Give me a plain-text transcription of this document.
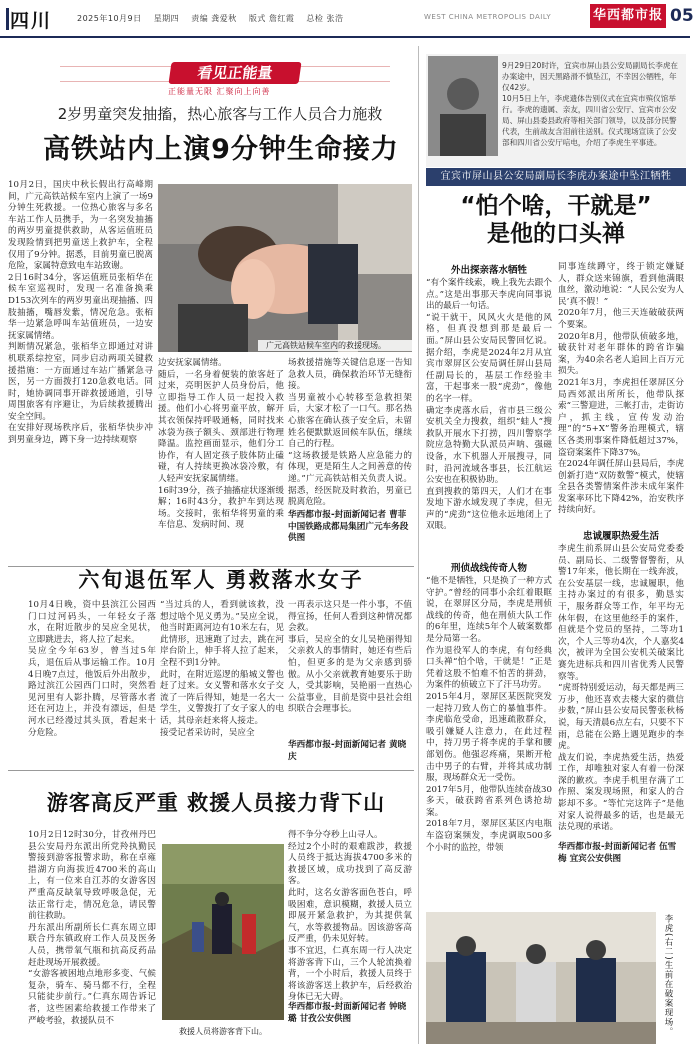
四川	2025年10月9日 星期四 责编 龚爱秋 版式 詹红霞 总检 张浩	WEST CHINA METROPOLIS DAILY	华西都市报 05
看见正能量
正能量无限 汇聚向上向善
2岁男童突发抽搐，热心旅客与工作人员合力施救
高铁站内上演9分钟生命接力
10月2日，国庆中秋长假出行高峰期间，广元高铁站候车室内上演了一场9分钟生死救援。一位热心旅客与多名车站工作人员携手，为一名突发抽搐的两岁男童提供救助，从客运值班员发现险情到把男童送上救护车，全程仅用了9分钟。据悉，目前男童已脱离危险，家属特意致电车站致谢。
2日16时34分，客运值班员张栢华在候车室巡视时，发现一名准备换乘D153次列车的两岁男童出现抽搐、四肢抽搐，嘴唇发紫，情况危急。张栢华一边紧急呼叫车站值班员，一边安抚家属情绪。
判断情况紧急，张栢华立即通过对讲机联系综控室，同步启动两项关键救援措施：一方面通过车站广播紧急寻医，另一方面拨打120急救电话。同时，她协调同事开辟救援通道，引导周围旅客有序避让，为后续救援腾出安全空间。
在安排好现场秩序后，张栢华快步冲到男童身边，蹲下身一边持续观察
广元高铁站候车室内的救援现场。
边安抚家属情绪。
随后，一名身着便装的旅客赶了过来，亮明医护人员身份后，他立即指导工作人员一起投入救援。他们小心将男童平放，解开其衣领保持呼吸通畅，同时找来冰袋为孩子额头、颈部进行物理降温。监控画面显示，他们分工协作，有人固定孩子肢体防止磕碰，有人持续更换冰袋冷敷，有人轻声安抚家属情绪。
16时39分，孩子抽搐症状逐渐缓解；16时43分，救护车到达现场。交接时，张栢华将男童的乘车信息、发病时间、现
场救援措施等关键信息逐一告知急救人员，确保救治环节无缝衔接。
当男童被小心转移至急救担架后，大家才松了一口气。那名热心旅客在确认孩子安全后，未留姓名便默默返回候车队伍，继续自己的行程。
“这场救援是铁路人应急能力的体现，更是陌生人之间善意的传递。”广元高铁站相关负责人说。据悉，经医院及时救治，男童已脱离危险。
华西都市报-封面新闻记者 曹菲 中国铁路成都局集团广元车务段供图
六旬退伍军人 勇救落水女子
10月4日晚，资中县滨江公园西门口过河码头，一年轻女子落水，在附近散步的吴应全见状，立即跳进去，将人拉了起来。
吴应全今年63岁，曾当过5年兵，退伍后从事运输工作。10月4日晚7点过，他饭后外出散步，路过滨江公园西门口时，突然看见河里有人影扑腾，尽管落水者还在河边上，并没有漂远，但是河水已经漫过其头顶，看起来十分危险。
“当过兵的人，看到就该救，没想过啥个见义勇为。”吴应全说，他当时距离河边有10米左右，见此情形，迅速跑了过去，跳在河岸台阶上，伸手将人拉了起来，全程不到1分钟。
此时，在附近巡逻的船城义警也赶了过来。女义警和落水女子交流了一阵后得知，她是一名大一学生，义警拨打了女子家人的电话，其母亲赶来将人接走。
接受记者采访时，吴应全
一再表示这只是一件小事，不值得宣扬，任何人看到这种情况都会救。
事后，吴应全的女儿吴艳丽得知父亲救人的事情时，她还有些后怕，但更多的是为父亲感到骄傲。从小父亲就教育她要乐于助人，受其影响，吴艳丽一直热心公益事业，目前是资中县社会组织联合会理事长。
华西都市报-封面新闻记者 黄晓庆
游客高反严重 救援人员接力背下山
10月2日12时30分，甘孜州丹巴县公安局丹东派出所党羚执勤民警接到游客报警求助，称在卓雍措湖方向海拔近4700米的高山上，有一位来自江苏的女游客因严重高反缺氧导致呼吸急促，无法正常行走，情况危急，请民警前往救助。
丹东派出所副所长仁真东周立即联合丹东镇政府工作人员及医务人员，携带氧气瓶和抗高反药品赶赴现场开展救援。
“女游客被困地点地形多变、气候复杂，骑车、骑马都不行，全程只能徒步前行。”仁真东周告诉记者，这些困素给救援工作带来了严峻考验，救援队员不
救援人员将游客背下山。
得不争分夺秒上山寻人。
经过2个小时的艰难跋涉，救援人员终于抵达海拔4700多米的救援区域，成功找到了高反游客。
此时，这名女游客面色苍白，呼吸困难，意识模糊，救援人员立即展开紧急救护，为其提供氧气，水等救援物品。因该游客高反严重，仍未见好转。
事不宜迟，仁真东周一行人决定将游客背下山，三个人轮流换着背，一个小时后，救援人员终于将该游客送上救护车，后经救治身体已无大碍。
华西都市报-封面新闻记者 钟晓璐 甘孜公安供图
9月29日20时许，宜宾市屏山县公安局副局长李虎在办案途中，因天黑路滑不慎坠江，不幸因公牺牲，年仅42岁。
10月5日上午，李虎遗体告别仪式在宜宾市殡仪馆举行。李虎的遗属、亲友，四川省公安厅、宜宾市公安局、屏山县委县政府等相关部门领导，以及部分民警代表，生前战友含泪前往送别。仪式现场宣读了公安部和四川省公安厅唁电，介绍了李虎生平事迹。
宜宾市屏山县公安局副局长李虎办案途中坠江牺牲
“怕个啥，干就是”
是他的口头禅
外出探亲落水牺牲
“有个案件线索，晚上我先去跟个点。”这是出事那天李虎向同事说出的最后一句话。
“说干就干，风风火火是他的风格，但真没想到那是最后一面。”屏山县公安局民警回忆说。据介绍，李虎是2024年2月从宜宾市翠屏区公安局调任屏山县局任副局长的，基层工作经验丰富，干起事来一股“虎劲”，像他的名字一样。
确定李虎落水后，省市县三级公安机关全力搜救，组织“蛙人”搜救队开展水下打捞，四川警察学院应急特勤大队派员声呐、强磁设备，水下机器人开展搜寻，同时，沿河流域各事县，长江航运公安也在积极协助。
直到搜救的第四天，人们才在事发地下游水域发现了李虎，但无声的“虎劲”这位他永远地闭上了双眼。
刑侦战线传奇人物
“他不是牺牲，只是换了一种方式守护。”曾经的同事小余红着眼眶说，在翠屏区分局，李虎是刑侦战线的传奇，他在刑侦大队工作的6年里，连续5年个人破案数都是分局第一名。
作为退役军人的李虎，有句经典口头禅“怕个啥，干就是！”正是凭着这股不怕难不怕苦的拼劲，为案件的侦破立下了汗马功劳。
2015年4月，翠屏区某医院突发一起持刀致人伤亡的暴恤事件。李虎临危受命，迅速疏散群众，吸引嫌疑人注意力，在此过程中，持刀男子将李虎的手掌和腰部划伤。他强忍疼痛，果断开枪击中男子的右臂，并将其成功制服，现场群众无一受伤。
2017年5月，他带队连续奋战30多天，破获跨省系列色诱抢劫案。
2018年7月，翠屏区某区内电瓶车盗窃案频发，李虎调取500多个小时的监控，带领
同事连续蹲守，终于锁定嫌疑人，群众送来锦旗，看到他满眼血丝，激动地说：“人民公安为人民’真不假！”
2020年7月，他三天连破破获两个要案。
2020年8月，他带队侦破多地，破获针对老年群体的跨省诈骗案，为40余名老人追回上百万元损失。
2021年3月，李虎担任翠屏区分局西郊派出所所长，他带队探索“三警迎进，三帐打击，走街访户，抓主线，宣传发动治理”的“5+X”警务治理模式，辖区各类刑事案件降低超过37%，盗窃案案件下降37%。
在2024年调任屏山县局后，李虎创新打造“双防数警”模式，使辖全县各类警情案件涉未成年案件发案率环比下降42%，治安秩序持续向好。
忠诚履职热爱生活
李虎生前系屏山县公安局党委委员、副局长、二级警督警衔，从警17年来，他长期在一线奔波，在公安基层一线，忠诚履职，他主持办案过的有很多，勤恳实干，服务群众等工作，年平均无休年假，在这里他经手的案件，但就是个党员的坚持，二等功1次，个人三等功4次，个人嘉奖4次，被评为全国公安机关破案比赛先进标兵和四川省优秀人民警察等。
“虎哥特别爱运动，每天都是两三万步，他还喜欢去楼大家的微信步数，”屏山县公安局民警张秋杨说，每天清晨6点左右，只要不下雨，总能在公路上遇见跑步的李虎。
战友们说，李虎热爱生活，热爱工作，却唯独对家人有着一份深深的歉疚。李虎手机里存满了工作照、案发现场照，和家人的合影却不多。“等忙完这阵子”是他对家人说得最多的话，也是最无法兑现的承诺。
华西都市报-封面新闻记者 伍雪梅 宜宾公安供图
李虎(右二)生前在破案现场。
